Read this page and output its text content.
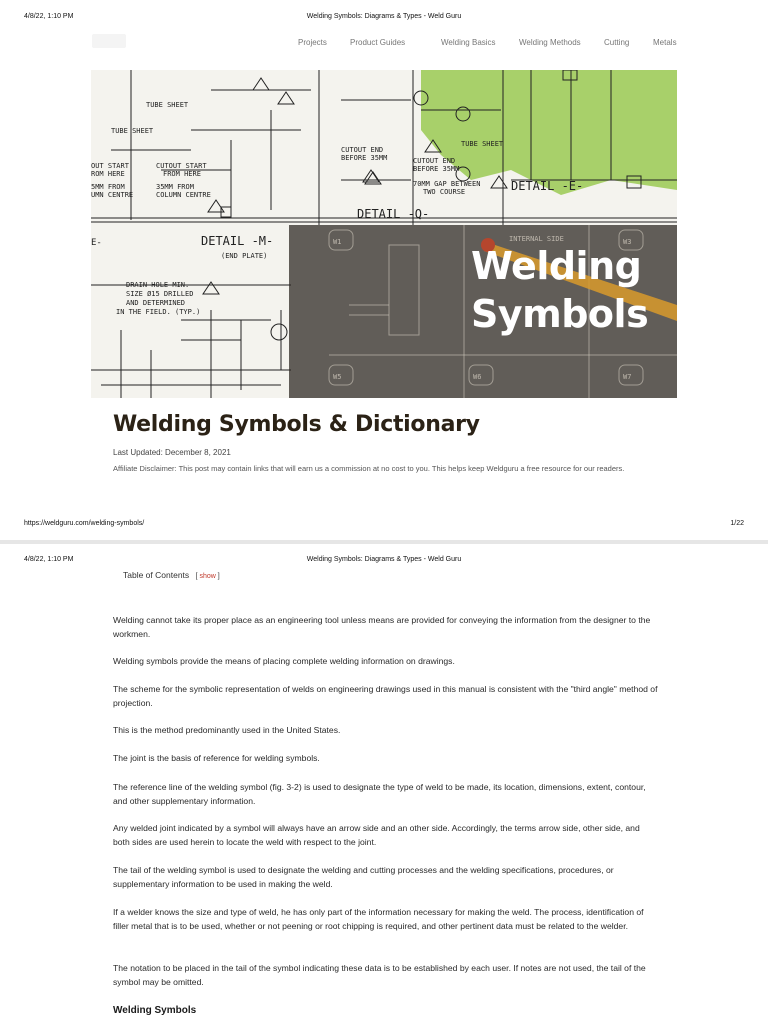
4/8/22, 1:10 PM	Welding Symbols: Diagrams & Types - Weld Guru
Projects	Product Guides	Welding Basics	Welding Methods	Cutting	Metals
TUBE SHEET
TUBE SHEET
CUTOUT START
FROM HERE
35MM FROM
COLUMN CENTRE
OUT START
ROM HERE
5MM FROM
UMN CENTRE
CUTOUT END
BEFORE 35MM	CUTOUT END
BEFORE 35MM
70MM GAP BETWEEN
TWO COURSE
TUBE SHEET
DRAIN HOLE MIN.
SIZE Ø15 DRILLED
AND DETERMINED
IN THE FIELD. (TYP.)
(END PLATE)
DETAIL -M-
DETAIL -Q-
DETAIL -E-
E-	W1	W3
W5	W6	W7
INTERNAL SIDE
Welding
Symbols
Welding Symbols & Dictionary
Last Updated: December 8, 2021
Affiliate Disclaimer: This post may contain links that will earn us a commission at no cost to you. This helps keep Weldguru a free resource for our readers.
https://weldguru.com/welding-symbols/	1/22
4/8/22, 1:10 PM	Welding Symbols: Diagrams & Types - Weld Guru
Table of Contents [ show ]
Welding cannot take its proper place as an engineering tool unless means are provided for conveying the information from the designer to the workmen.
Welding symbols provide the means of placing complete welding information on drawings.
The scheme for the symbolic representation of welds on engineering drawings used in this manual is consistent with the "third angle" method of projection.
This is the method predominantly used in the United States.
The joint is the basis of reference for welding symbols.
The reference line of the welding symbol (fig. 3-2) is used to designate the type of weld to be made, its location, dimensions, extent, contour, and other supplementary information.
Any welded joint indicated by a symbol will always have an arrow side and an other side. Accordingly, the terms arrow side, other side, and both sides are used herein to locate the weld with respect to the joint.
The tail of the welding symbol is used to designate the welding and cutting processes and the welding specifications, procedures, or supplementary information to be used in making the weld.
If a welder knows the size and type of weld, he has only part of the information necessary for making the weld. The process, identification of filler metal that is to be used, whether or not peening or root chipping is required, and other pertinent data must be related to the welder.
The notation to be placed in the tail of the symbol indicating these data is to be established by each user. If notes are not used, the tail of the symbol may be omitted.
Welding Symbols
